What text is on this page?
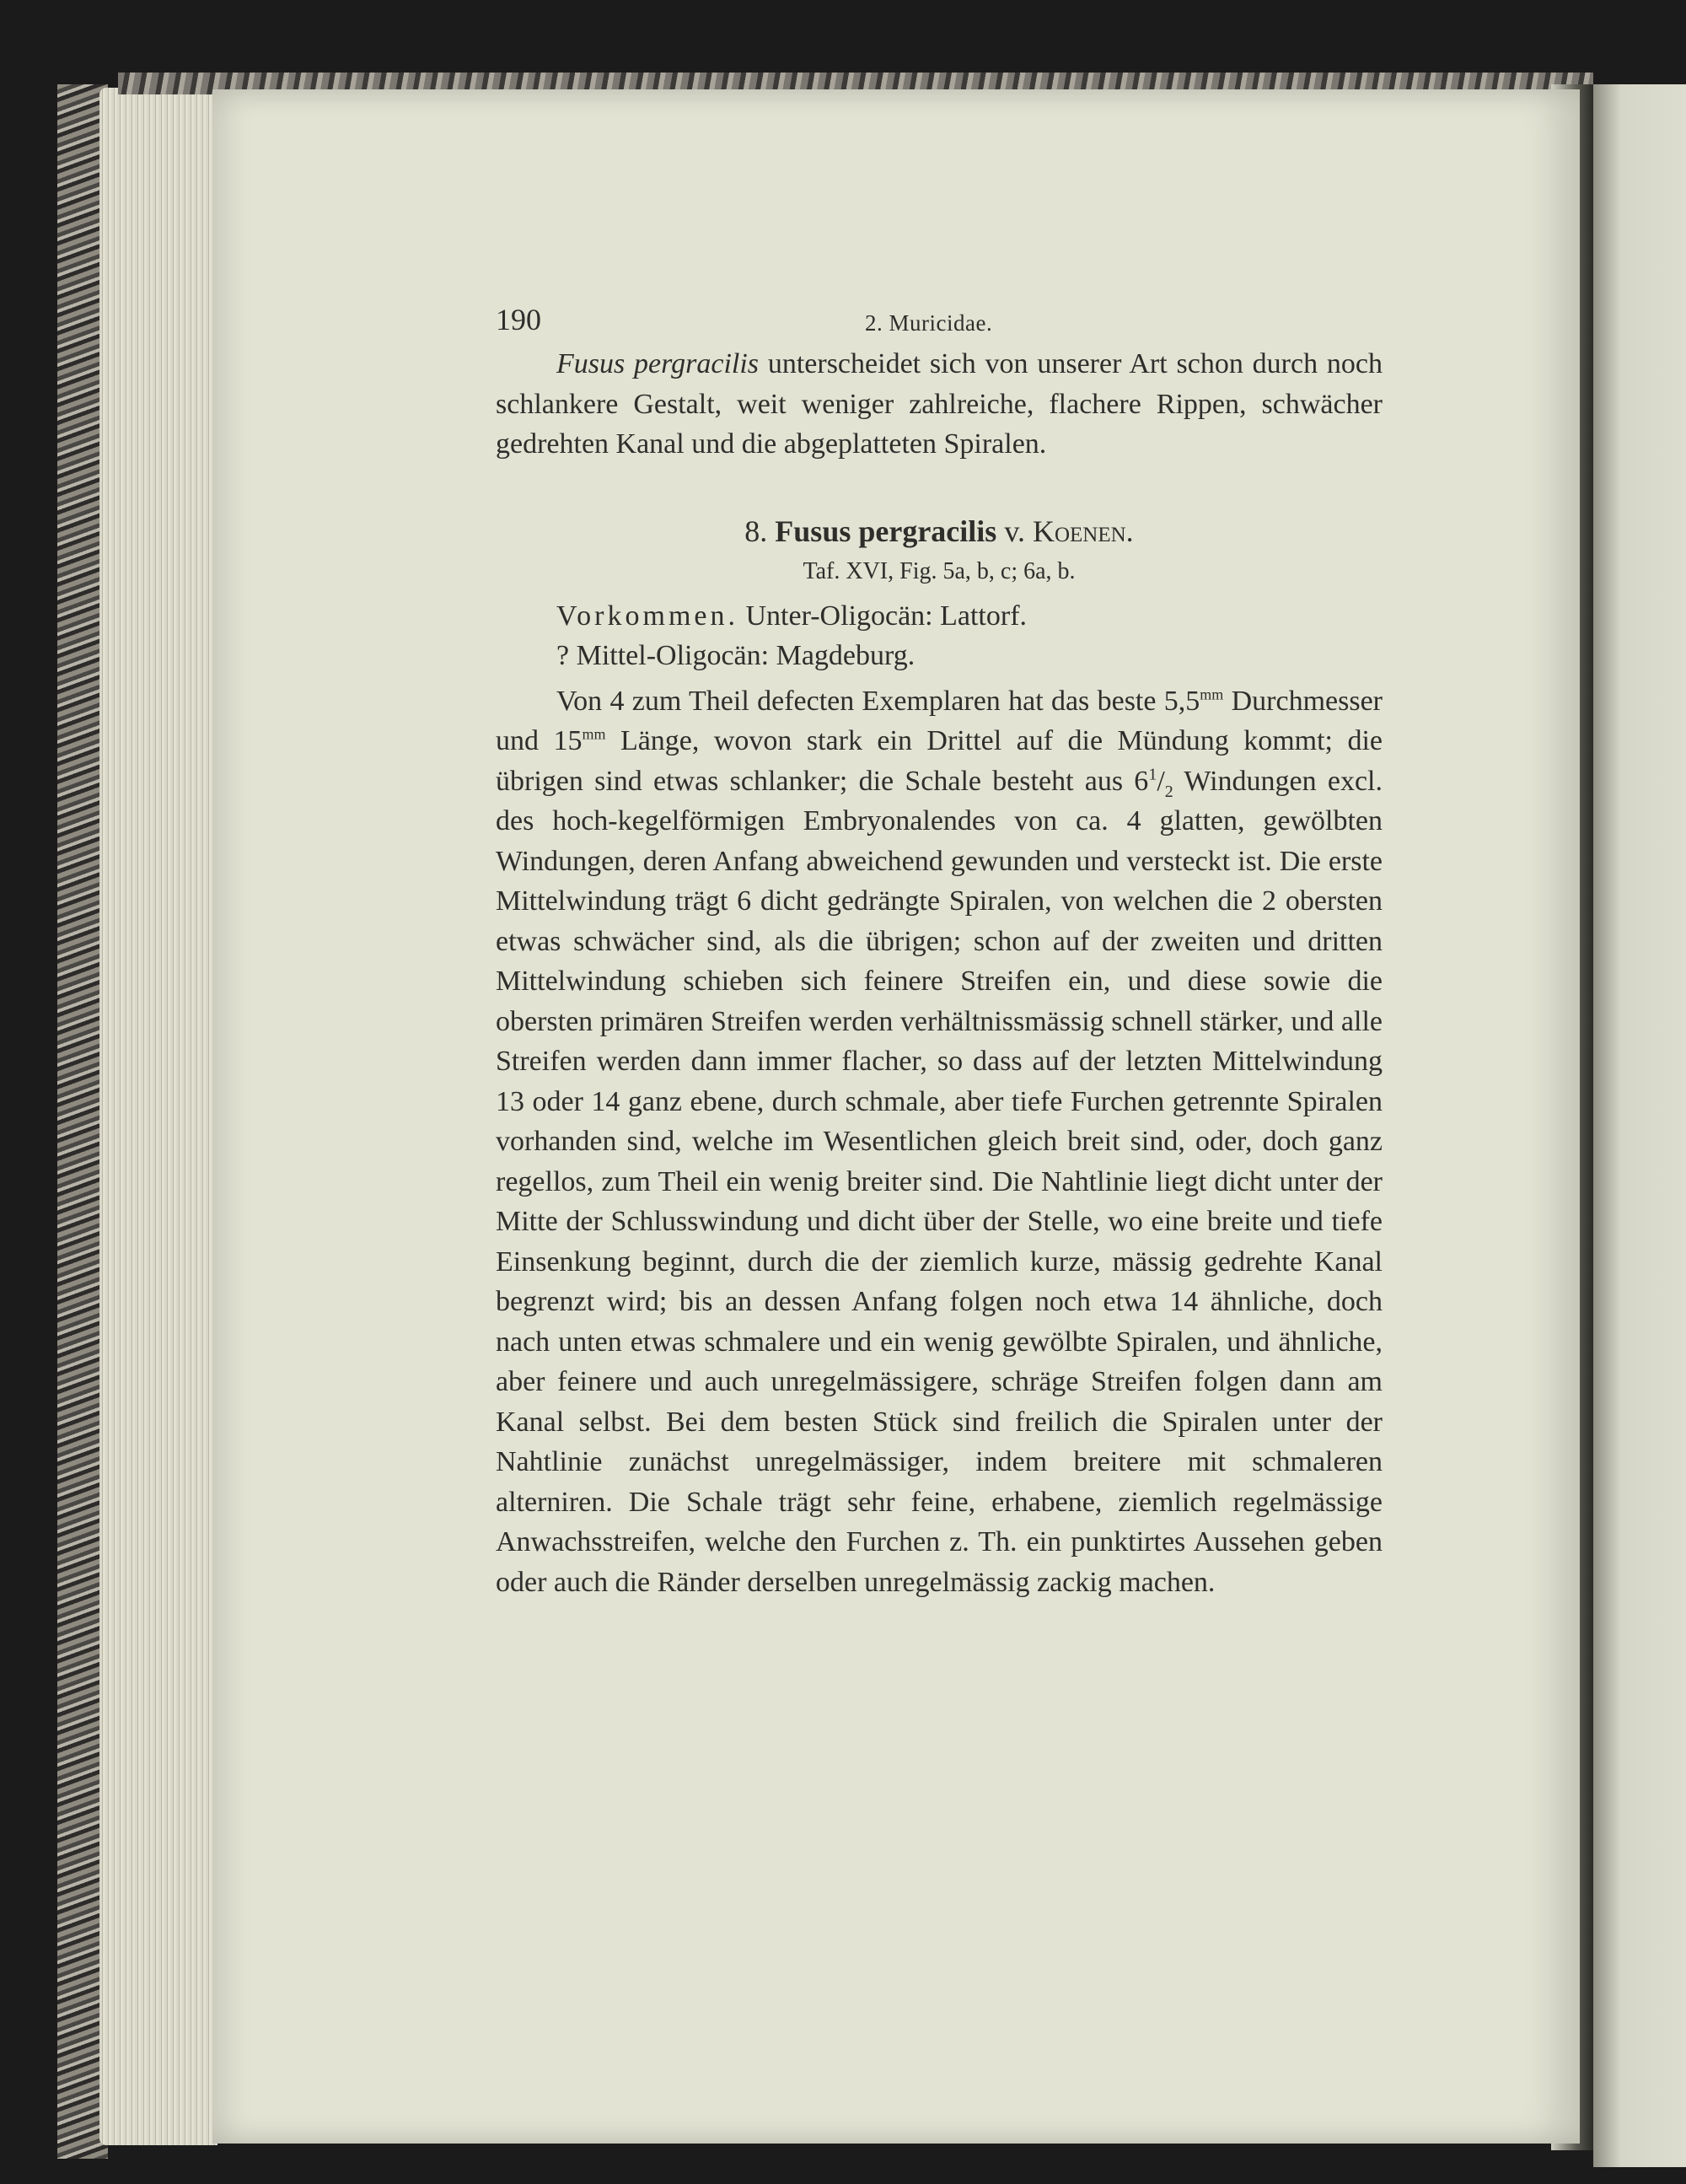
190	2. Muricidae.

Fusus pergracilis unterscheidet sich von unserer Art schon durch noch schlankere Gestalt, weit weniger zahlreiche, flachere Rippen, schwächer gedrehten Kanal und die abgeplatteten Spiralen.

8. Fusus pergracilis v. Koenen.
Taf. XVI, Fig. 5a, b, c; 6a, b.

Vorkommen. Unter-Oligocän: Lattorf.

? Mittel-Oligocän: Magdeburg.

Von 4 zum Theil defecten Exemplaren hat das beste $5,5^{mm}$ Durchmesser und $15^{mm}$ Länge, wovon stark ein Drittel auf die Mündung kommt; die übrigen sind etwas schlanker; die Schale besteht aus $6^1/_2$ Windungen excl. des hoch-kegelförmigen Embryonalendes von ca. 4 glatten, gewölbten Windungen, deren Anfang abweichend gewunden und versteckt ist. Die erste Mittelwindung trägt 6 dicht gedrängte Spiralen, von welchen die 2 obersten etwas schwächer sind, als die übrigen; schon auf der zweiten und dritten Mittelwindung schieben sich feinere Streifen ein, und diese sowie die obersten primären Streifen werden verhältnissmässig schnell stärker, und alle Streifen werden dann immer flacher, so dass auf der letzten Mittelwindung 13 oder 14 ganz ebene, durch schmale, aber tiefe Furchen getrennte Spiralen vorhanden sind, welche im Wesentlichen gleich breit sind, oder, doch ganz regellos, zum Theil ein wenig breiter sind. Die Nahtlinie liegt dicht unter der Mitte der Schlusswindung und dicht über der Stelle, wo eine breite und tiefe Einsenkung beginnt, durch die der ziemlich kurze, mässig gedrehte Kanal begrenzt wird; bis an dessen Anfang folgen noch etwa 14 ähnliche, doch nach unten etwas schmalere und ein wenig gewölbte Spiralen, und ähnliche, aber feinere und auch unregelmässigere, schräge Streifen folgen dann am Kanal selbst. Bei dem besten Stück sind freilich die Spiralen unter der Nahtlinie zunächst unregelmässiger, indem breitere mit schmaleren alterniren. Die Schale trägt sehr feine, erhabene, ziemlich regelmässige Anwachsstreifen, welche den Furchen z. Th. ein punktirtes Aussehen geben oder auch die Ränder derselben unregelmässig zackig machen.
